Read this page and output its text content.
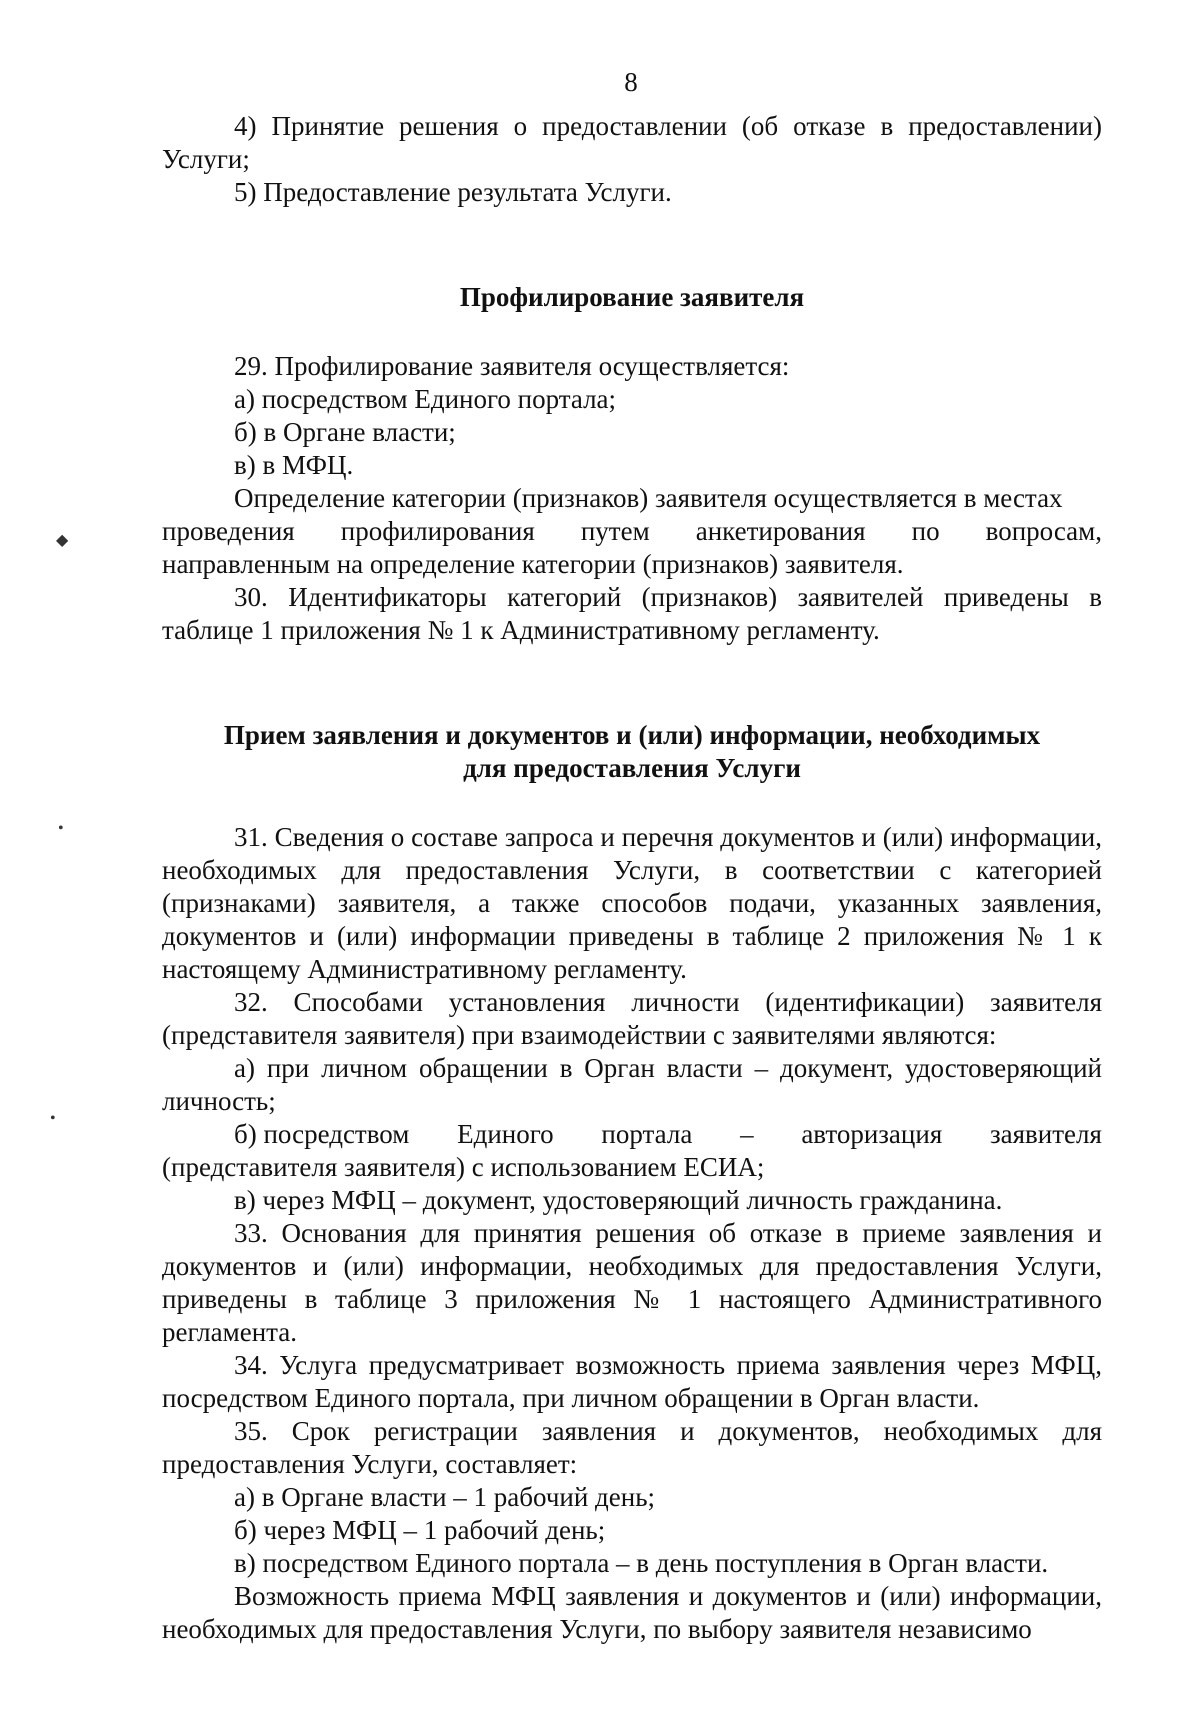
8

4) Принятие решения о предоставлении (об отказе в предоставлении) Услуги;

5) Предоставление результата Услуги.

Профилирование заявителя

29. Профилирование заявителя осуществляется:

а) посредством Единого портала;

б) в Органе власти;

в) в МФЦ.

Определение категории (признаков) заявителя осуществляется в местах

проведения профилирования путем анкетирования по вопросам,

направленным на определение категории (признаков) заявителя.

30. Идентификаторы категорий (признаков) заявителей приведены в таблице 1 приложения № 1 к Административному регламенту.

Прием заявления и документов и (или) информации, необходимых
для предоставления Услуги

31. Сведения о составе запроса и перечня документов и (или) информации, необходимых для предоставления Услуги, в соответствии с категорией (признаками) заявителя, а также способов подачи, указанных заявления, документов и (или) информации приведены в таблице 2 приложения № 1 к настоящему Административному регламенту.

32. Способами установления личности (идентификации) заявителя (представителя заявителя) при взаимодействии с заявителями являются:

а) при личном обращении в Орган власти – документ, удостоверяющий личность;

б) посредством Единого портала – авторизация заявителя

(представителя заявителя) с использованием ЕСИА;

в) через МФЦ – документ, удостоверяющий личность гражданина.

33. Основания для принятия решения об отказе в приеме заявления и документов и (или) информации, необходимых для предоставления Услуги, приведены в таблице 3 приложения № 1 настоящего Административного регламента.

34. Услуга предусматривает возможность приема заявления через МФЦ, посредством Единого портала, при личном обращении в Орган власти.

35. Срок регистрации заявления и документов, необходимых для предоставления Услуги, составляет:

а) в Органе власти – 1 рабочий день;

б) через МФЦ – 1 рабочий день;

в) посредством Единого портала – в день поступления в Орган власти.

Возможность приема МФЦ заявления и документов и (или) информации, необходимых для предоставления Услуги, по выбору заявителя независимо

◆
•
•
